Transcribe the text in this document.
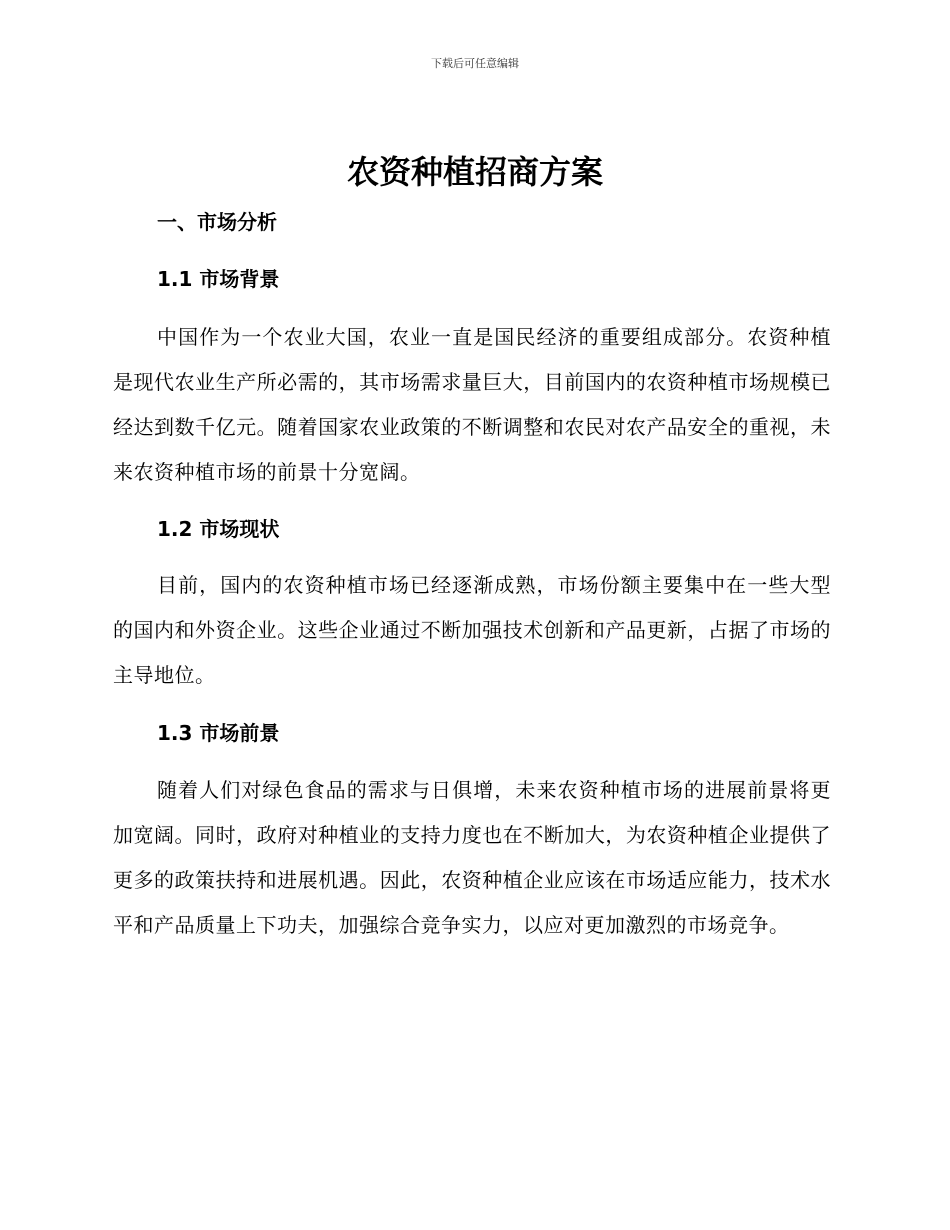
下载后可任意编辑
农资种植招商方案
一、市场分析
1.1 市场背景

中国作为一个农业大国，农业一直是国民经济的重要组成部分。农资种植是现代农业生产所必需的，其市场需求量巨大，目前国内的农资种植市场规模已经达到数千亿元。随着国家农业政策的不断调整和农民对农产品安全的重视，未来农资种植市场的前景十分宽阔。

1.2 市场现状

目前，国内的农资种植市场已经逐渐成熟，市场份额主要集中在一些大型的国内和外资企业。这些企业通过不断加强技术创新和产品更新，占据了市场的主导地位。

1.3 市场前景

随着人们对绿色食品的需求与日俱增，未来农资种植市场的进展前景将更加宽阔。同时，政府对种植业的支持力度也在不断加大，为农资种植企业提供了更多的政策扶持和进展机遇。因此，农资种植企业应该在市场适应能力，技术水平和产品质量上下功夫，加强综合竞争实力，以应对更加激烈的市场竞争。
